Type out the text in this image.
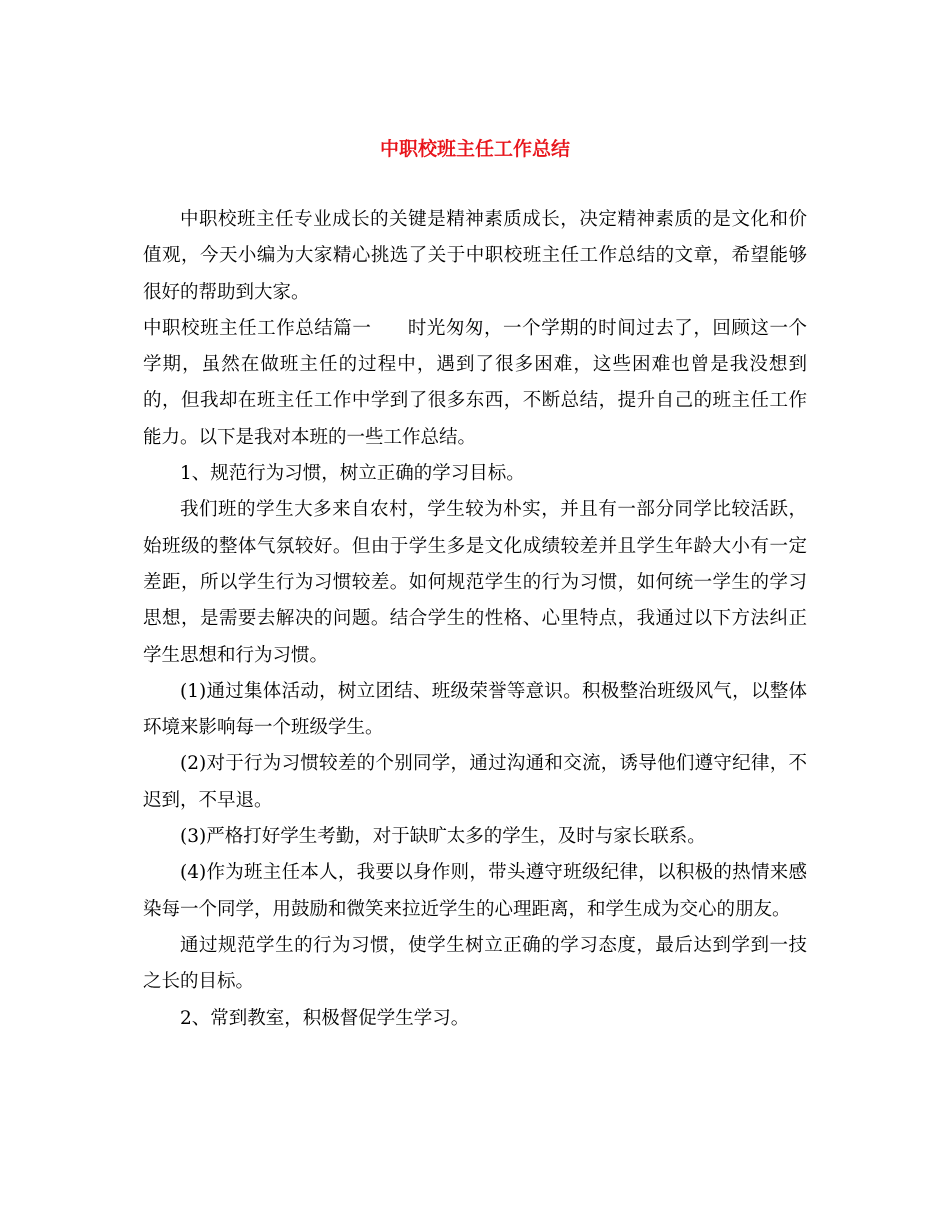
中职校班主任工作总结

中职校班主任专业成长的关键是精神素质成长，决定精神素质的是文化和价值观，今天小编为大家精心挑选了关于中职校班主任工作总结的文章，希望能够很好的帮助到大家。

中职校班主任工作总结篇一 时光匆匆，一个学期的时间过去了，回顾这一个学期，虽然在做班主任的过程中，遇到了很多困难，这些困难也曾是我没想到的，但我却在班主任工作中学到了很多东西，不断总结，提升自己的班主任工作能力。以下是我对本班的一些工作总结。

1、规范行为习惯，树立正确的学习目标。

我们班的学生大多来自农村，学生较为朴实，并且有一部分同学比较活跃，始班级的整体气氛较好。但由于学生多是文化成绩较差并且学生年龄大小有一定差距，所以学生行为习惯较差。如何规范学生的行为习惯，如何统一学生的学习思想，是需要去解决的问题。结合学生的性格、心里特点，我通过以下方法纠正学生思想和行为习惯。

(1)通过集体活动，树立团结、班级荣誉等意识。积极整治班级风气，以整体环境来影响每一个班级学生。

(2)对于行为习惯较差的个别同学，通过沟通和交流，诱导他们遵守纪律，不迟到，不早退。

(3)严格打好学生考勤，对于缺旷太多的学生，及时与家长联系。

(4)作为班主任本人，我要以身作则，带头遵守班级纪律，以积极的热情来感染每一个同学，用鼓励和微笑来拉近学生的心理距离，和学生成为交心的朋友。

通过规范学生的行为习惯，使学生树立正确的学习态度，最后达到学到一技之长的目标。

2、常到教室，积极督促学生学习。
